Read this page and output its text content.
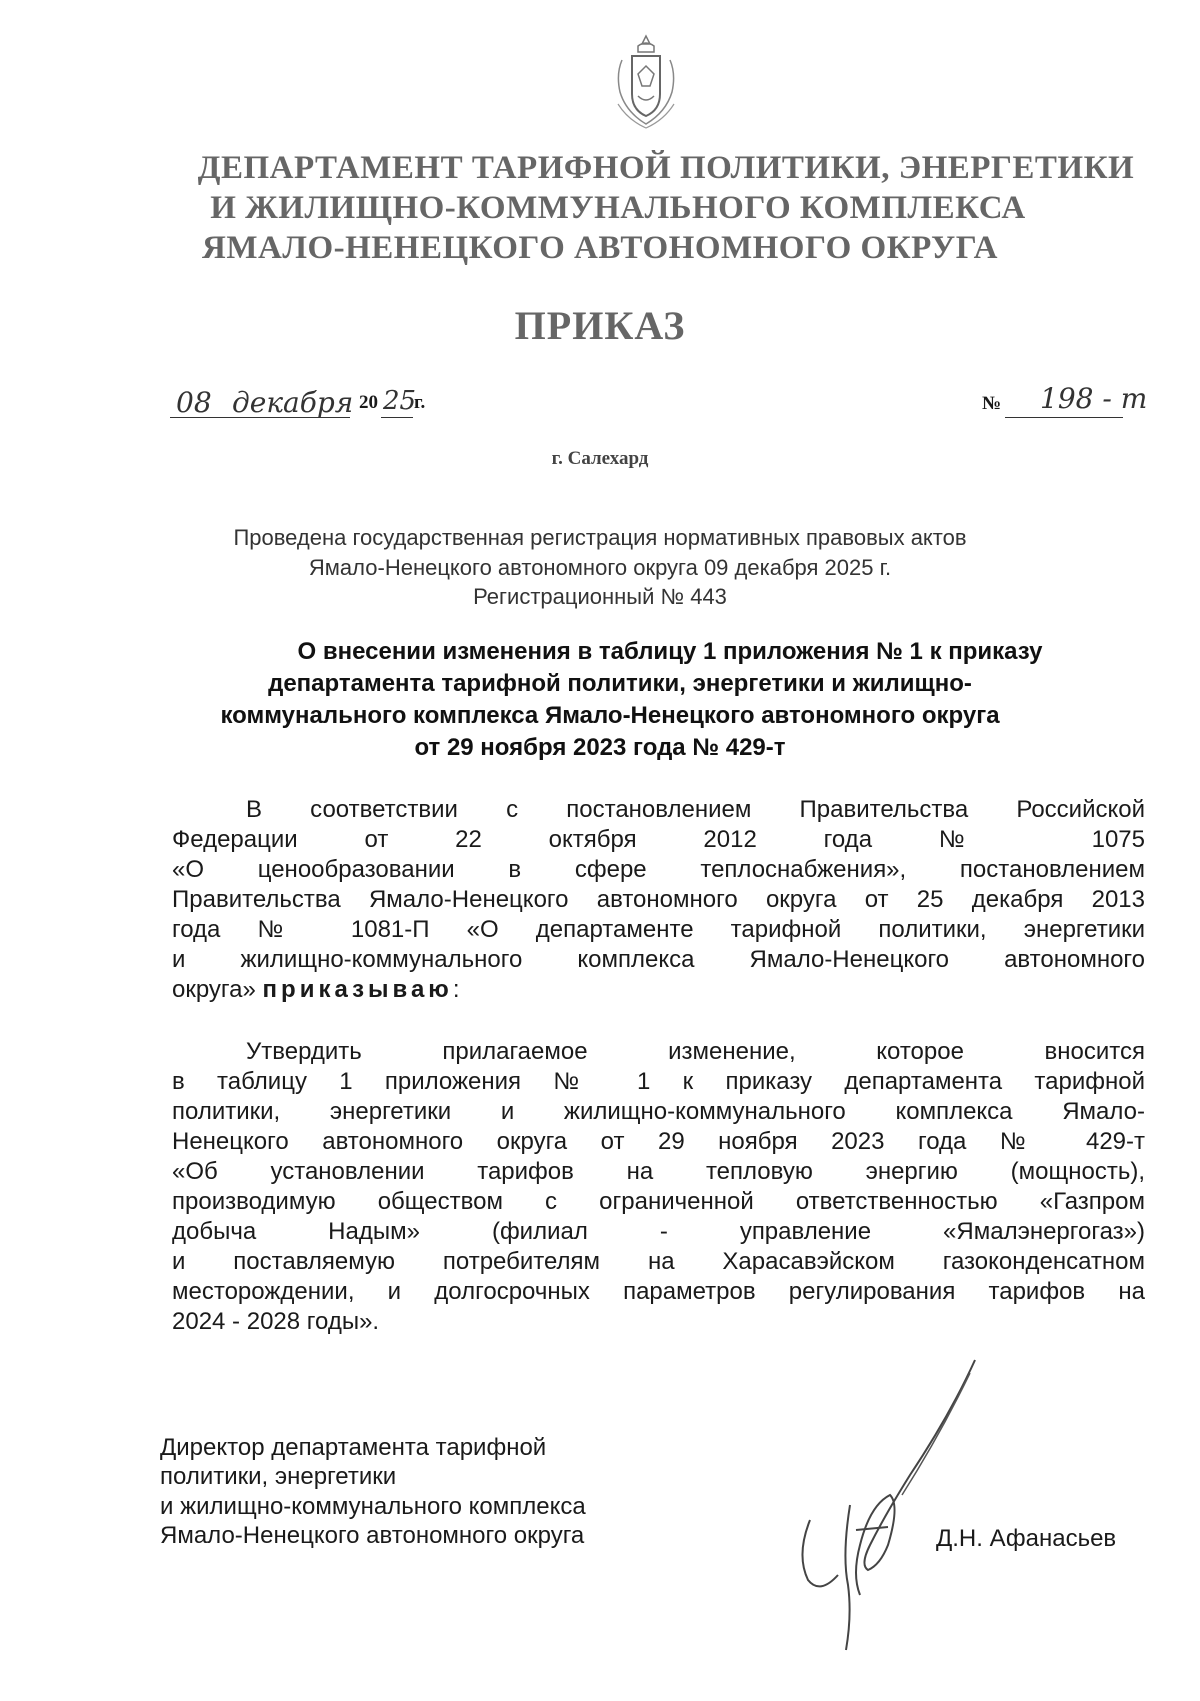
ДЕПАРТАМЕНТ ТАРИФНОЙ ПОЛИТИКИ, ЭНЕРГЕТИКИ
И ЖИЛИЩНО-КОММУНАЛЬНОГО КОМПЛЕКСА
ЯМАЛО-НЕНЕЦКОГО АВТОНОМНОГО ОКРУГА
ПРИКАЗ
08 декабря 20 25
г.	№ 198 - т
г. Салехард
Проведена государственная регистрация нормативных правовых актов
Ямало-Ненецкого автономного округа 09 декабря 2025 г.
Регистрационный № 443
О внесении изменения в таблицу 1 приложения № 1 к приказу
департамента тарифной политики, энергетики и жилищно-
коммунального комплекса Ямало-Ненецкого автономного округа
от 29 ноября 2023 года № 429-т
В соответствии с постановлением Правительства Российской
Федерации от 22 октября 2012 года № 1075
«О ценообразовании в сфере теплоснабжения», постановлением
Правительства Ямало-Ненецкого автономного округа от 25 декабря 2013
года № 1081-П «О департаменте тарифной политики, энергетики
и жилищно-коммунального комплекса Ямало-Ненецкого автономного
округа» приказываю:
Утвердить прилагаемое изменение, которое вносится
в таблицу 1 приложения № 1 к приказу департамента тарифной
политики, энергетики и жилищно-коммунального комплекса Ямало-
Ненецкого автономного округа от 29 ноября 2023 года № 429-т
«Об установлении тарифов на тепловую энергию (мощность),
производимую обществом с ограниченной ответственностью «Газпром
добыча Надым» (филиал - управление «Ямалэнергогаз»)
и поставляемую потребителям на Харасавэйском газоконденсатном
месторождении, и долгосрочных параметров регулирования тарифов на
2024 - 2028 годы».
Директор департамента тарифной
политики, энергетики
и жилищно-коммунального комплекса
Ямало-Ненецкого автономного округа	Д.Н. Афанасьев
